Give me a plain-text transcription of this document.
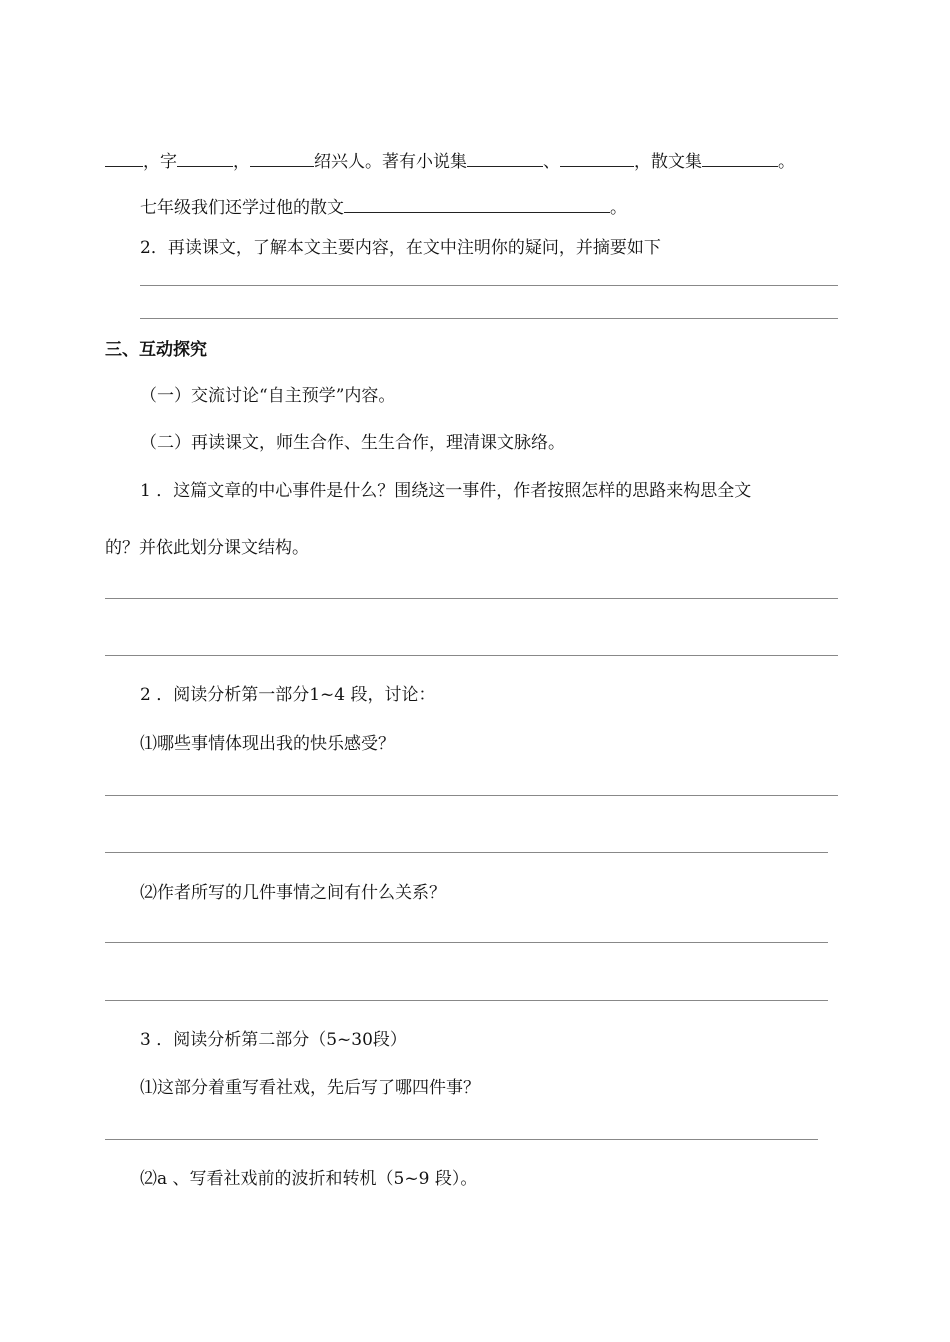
，字	，	绍兴人。著有小说集	、	，散文集	。
七年级我们还学过他的散文	。
2．再读课文，了解本文主要内容，在文中注明你的疑问，并摘要如下
三、互动探究
（一）交流讨论“自主预学”内容。
（二）再读课文，师生合作、生生合作，理清课文脉络。
1 ．这篇文章的中心事件是什么？围绕这一事件，作者按照怎样的思路来构思全文
的？并依此划分课文结构。
2 ．阅读分析第一部分1~4 段，讨论：
⑴哪些事情体现出我的快乐感受？
⑵作者所写的几件事情之间有什么关系？
3 ．阅读分析第二部分（5~30段）
⑴这部分着重写看社戏，先后写了哪四件事？
⑵a 、写看社戏前的波折和转机（5~9 段）。
